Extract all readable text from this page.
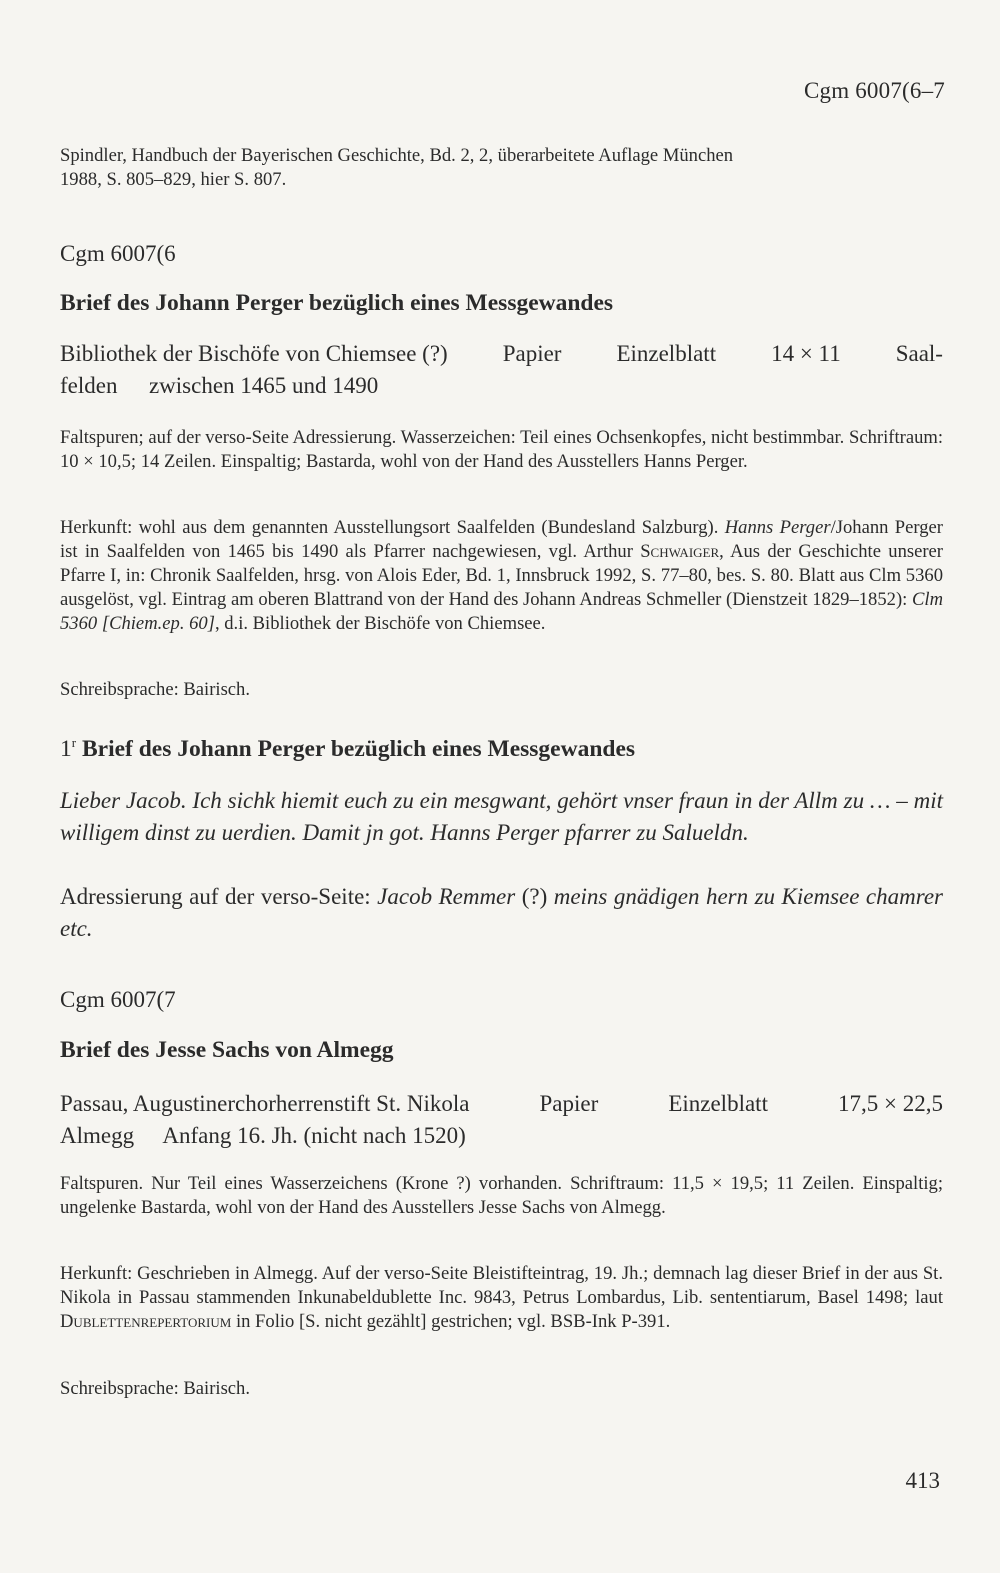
Cgm 6007(6–7

Spindler, Handbuch der Bayerischen Geschichte, Bd. 2, 2, überarbeitete Auflage München
1988, S. 805–829, hier S. 807.

Cgm 6007(6
Brief des Johann Perger bezüglich eines Messgewandes
Bibliothek der Bischöfe von Chiemsee (?) Papier Einzelblatt 14 × 11 Saal-
felden zwischen 1465 und 1490

Faltspuren; auf der verso-Seite Adressierung. Wasserzeichen: Teil eines Ochsenkopfes, nicht bestimmbar. Schriftraum: 10 × 10,5; 14 Zeilen. Einspaltig; Bastarda, wohl von der Hand des Ausstellers Hanns Perger.

Herkunft: wohl aus dem genannten Ausstellungsort Saalfelden (Bundesland Salzburg). Hanns Perger/Johann Perger ist in Saalfelden von 1465 bis 1490 als Pfarrer nachgewiesen, vgl. Arthur Schwaiger, Aus der Geschichte unserer Pfarre I, in: Chronik Saalfelden, hrsg. von Alois Eder, Bd. 1, Innsbruck 1992, S. 77–80, bes. S. 80. Blatt aus Clm 5360 ausgelöst, vgl. Eintrag am oberen Blattrand von der Hand des Johann Andreas Schmeller (Dienstzeit 1829–1852): Clm 5360 [Chiem.ep. 60], d.i. Bibliothek der Bischöfe von Chiemsee.

Schreibsprache: Bairisch.

1$^r$ Brief des Johann Perger bezüglich eines Messgewandes

Lieber Jacob. Ich sichk hiemit euch zu ein mesgwant, gehört vnser fraun in der Allm zu … – mit willigem dinst zu uerdien. Damit jn got. Hanns Perger pfarrer zu Salueldn.

Adressierung auf der verso-Seite: Jacob Remmer (?) meins gnädigen hern zu Kiemsee chamrer etc.

Cgm 6007(7
Brief des Jesse Sachs von Almegg
Passau, Augustinerchorherrenstift St. Nikola	Papier	Einzelblatt	17,5 × 22,5
Almegg Anfang 16. Jh. (nicht nach 1520)

Faltspuren. Nur Teil eines Wasserzeichens (Krone ?) vorhanden. Schriftraum: 11,5 × 19,5; 11 Zeilen. Einspaltig; ungelenke Bastarda, wohl von der Hand des Ausstellers Jesse Sachs von Almegg.

Herkunft: Geschrieben in Almegg. Auf der verso-Seite Bleistifteintrag, 19. Jh.; demnach lag dieser Brief in der aus St. Nikola in Passau stammenden Inkunabeldublette Inc. 9843, Petrus Lombardus, Lib. sententiarum, Basel 1498; laut Dublettenrepertorium in Folio [S. nicht gezählt] gestrichen; vgl. BSB-Ink P-391.

Schreibsprache: Bairisch.

413
